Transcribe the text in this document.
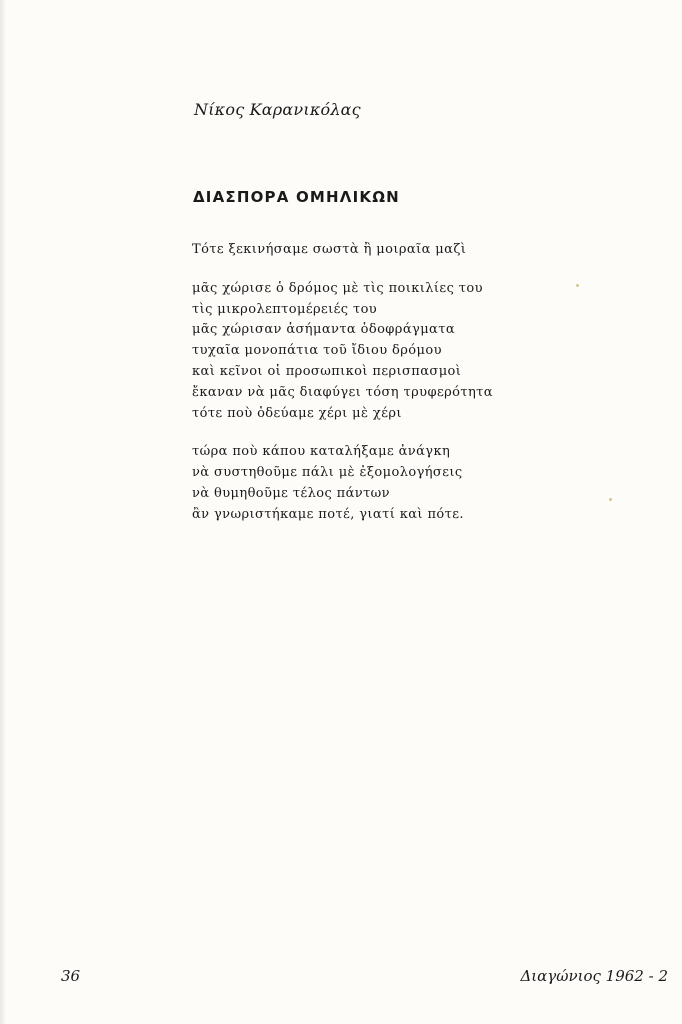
Νίκος Καρανικόλας
ΔΙΑΣΠΟΡΑ ΟΜΗΛΙΚΩΝ
Τότε ξεκινήσαμε σωστὰ ἢ μοιραῖα μαζὶ
μᾶς χώρισε ὁ δρόμος μὲ τὶς ποικιλίες του
τὶς μικρολεπτομέρειές του
μᾶς χώρισαν ἀσήμαντα ὁδοφράγματα
τυχαῖα μονοπάτια τοῦ ἴδιου δρόμου
καὶ κεῖνοι οἱ προσωπικοὶ περισπασμοὶ
ἔκαναν νὰ μᾶς διαφύγει τόση τρυφερότητα
τότε ποὺ ὁδεύαμε χέρι μὲ χέρι
τώρα ποὺ κάπου καταλήξαμε ἀνάγκη
νὰ συστηθοῦμε πάλι μὲ ἐξομολογήσεις
νὰ θυμηθοῦμε τέλος πάντων
ἂν γνωριστήκαμε ποτέ, γιατί καὶ πότε.
36	Διαγώνιος 1962 - 2
